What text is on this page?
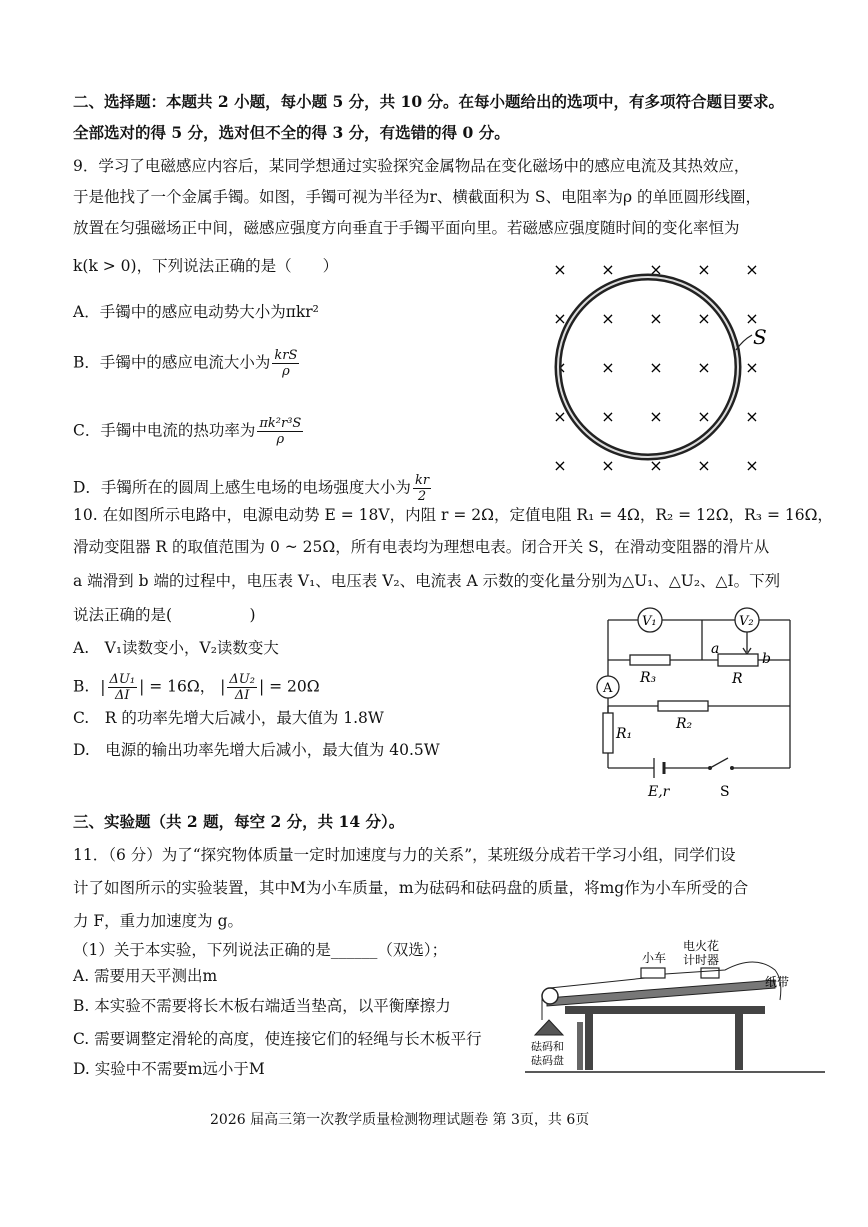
二、选择题：本题共 2 小题，每小题 5 分，共 10 分。在每小题给出的选项中，有多项符合题目要求。
全部选对的得 5 分，选对但不全的得 3 分，有选错的得 0 分。
9．学习了电磁感应内容后，某同学想通过实验探究金属物品在变化磁场中的感应电流及其热效应，
于是他找了一个金属手镯。如图，手镯可视为半径为r、横截面积为 S、电阻率为ρ 的单匝圆形线圈，
放置在匀强磁场正中间，磁感应强度方向垂直于手镯平面向里。若磁感应强度随时间的变化率恒为
k(k > 0)，下列说法正确的是（　　）
A．手镯中的感应电动势大小为πkr²
B．手镯中的感应电流大小为 $\frac{\text{krS}}{\rho}$
C．手镯中电流的热功率为 $\frac{\text{πk²r³S}}{\rho}$
D．手镯所在的圆周上感生电场的电场强度大小为 $\frac{kr}{2}$
× × × × ×
× × × × ×
× × × × ×
× × × × ×
× × × × ×
S
10. 在如图所示电路中，电源电动势 E = 18V，内阻 r = 2Ω，定值电阻 R₁ = 4Ω，R₂ = 12Ω，R₃ = 16Ω，
滑动变阻器 R 的取值范围为 0 ~ 25Ω，所有电表均为理想电表。闭合开关 S，在滑动变阻器的滑片从
a 端滑到 b 端的过程中，电压表 V₁、电压表 V₂、电流表 A 示数的变化量分别为△U₁、△U₂、△I。下列
说法正确的是(　　　　　)
A.　V₁读数变小，V₂读数变大
B. | $\frac{\text{ΔU₁}}{\Delta I}$ | = 16Ω， | $\frac{\text{ΔU₂}}{\Delta I}$ | = 20Ω
C.　R 的功率先增大后减小，最大值为 1.8W
D.　电源的输出功率先增大后减小，最大值为 40.5W
V₁	V₂
A
R₃	R
a
b
R₂
R₁
E,r	S
三、实验题（共 2 题，每空 2 分，共 14 分）。
11．（6 分）为了“探究物体质量一定时加速度与力的关系”，某班级分成若干学习小组，同学们设
计了如图所示的实验装置，其中M为小车质量，m为砝码和砝码盘的质量，将mg作为小车所受的合
力 F，重力加速度为 g。
（1）关于本实验，下列说法正确的是______（双选）；
A. 需要用天平测出m
B. 本实验不需要将长木板右端适当垫高，以平衡摩擦力
C. 需要调整定滑轮的高度，使连接它们的轻绳与长木板平行
D. 实验中不需要m远小于M
小车
电火花
计时器
纸带
砝码和
砝码盘
2026 届高三第一次教学质量检测物理试题卷 第 3页，共 6页
